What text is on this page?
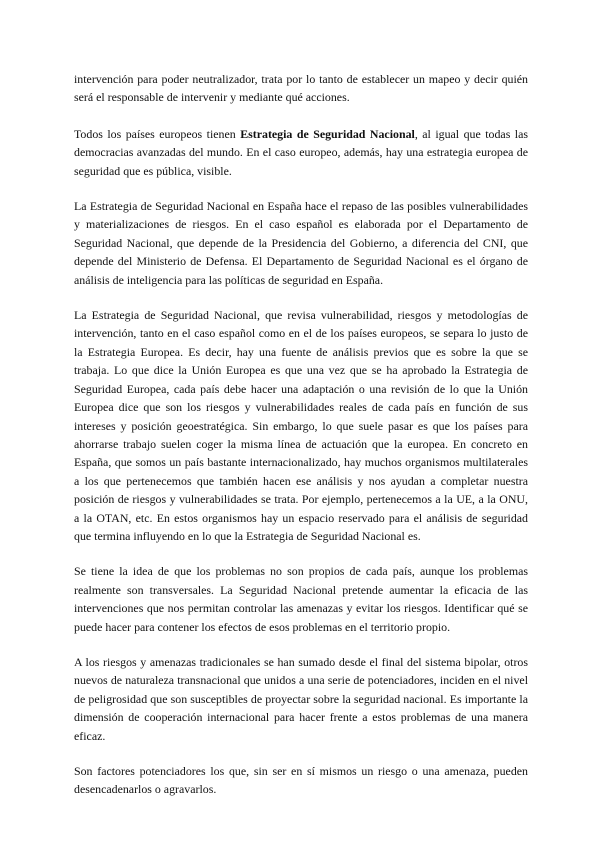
intervención para poder neutralizador, trata por lo tanto de establecer un mapeo y decir quién será el responsable de intervenir y mediante qué acciones.

Todos los países europeos tienen Estrategia de Seguridad Nacional, al igual que todas las democracias avanzadas del mundo. En el caso europeo, además, hay una estrategia europea de seguridad que es pública, visible.

La Estrategia de Seguridad Nacional en España hace el repaso de las posibles vulnerabilidades y materializaciones de riesgos. En el caso español es elaborada por el Departamento de Seguridad Nacional, que depende de la Presidencia del Gobierno, a diferencia del CNI, que depende del Ministerio de Defensa. El Departamento de Seguridad Nacional es el órgano de análisis de inteligencia para las políticas de seguridad en España.

La Estrategia de Seguridad Nacional, que revisa vulnerabilidad, riesgos y metodologías de intervención, tanto en el caso español como en el de los países europeos, se separa lo justo de la Estrategia Europea. Es decir, hay una fuente de análisis previos que es sobre la que se trabaja. Lo que dice la Unión Europea es que una vez que se ha aprobado la Estrategia de Seguridad Europea, cada país debe hacer una adaptación o una revisión de lo que la Unión Europea dice que son los riesgos y vulnerabilidades reales de cada país en función de sus intereses y posición geoestratégica. Sin embargo, lo que suele pasar es que los países para ahorrarse trabajo suelen coger la misma línea de actuación que la europea. En concreto en España, que somos un país bastante internacionalizado, hay muchos organismos multilaterales a los que pertenecemos que también hacen ese análisis y nos ayudan a completar nuestra posición de riesgos y vulnerabilidades se trata. Por ejemplo, pertenecemos a la UE, a la ONU, a la OTAN, etc. En estos organismos hay un espacio reservado para el análisis de seguridad que termina influyendo en lo que la Estrategia de Seguridad Nacional es.

Se tiene la idea de que los problemas no son propios de cada país, aunque los problemas realmente son transversales. La Seguridad Nacional pretende aumentar la eficacia de las intervenciones que nos permitan controlar las amenazas y evitar los riesgos. Identificar qué se puede hacer para contener los efectos de esos problemas en el territorio propio.

A los riesgos y amenazas tradicionales se han sumado desde el final del sistema bipolar, otros nuevos de naturaleza transnacional que unidos a una serie de potenciadores, inciden en el nivel de peligrosidad que son susceptibles de proyectar sobre la seguridad nacional. Es importante la dimensión de cooperación internacional para hacer frente a estos problemas de una manera eficaz.

Son factores potenciadores los que, sin ser en sí mismos un riesgo o una amenaza, pueden desencadenarlos o agravarlos.
